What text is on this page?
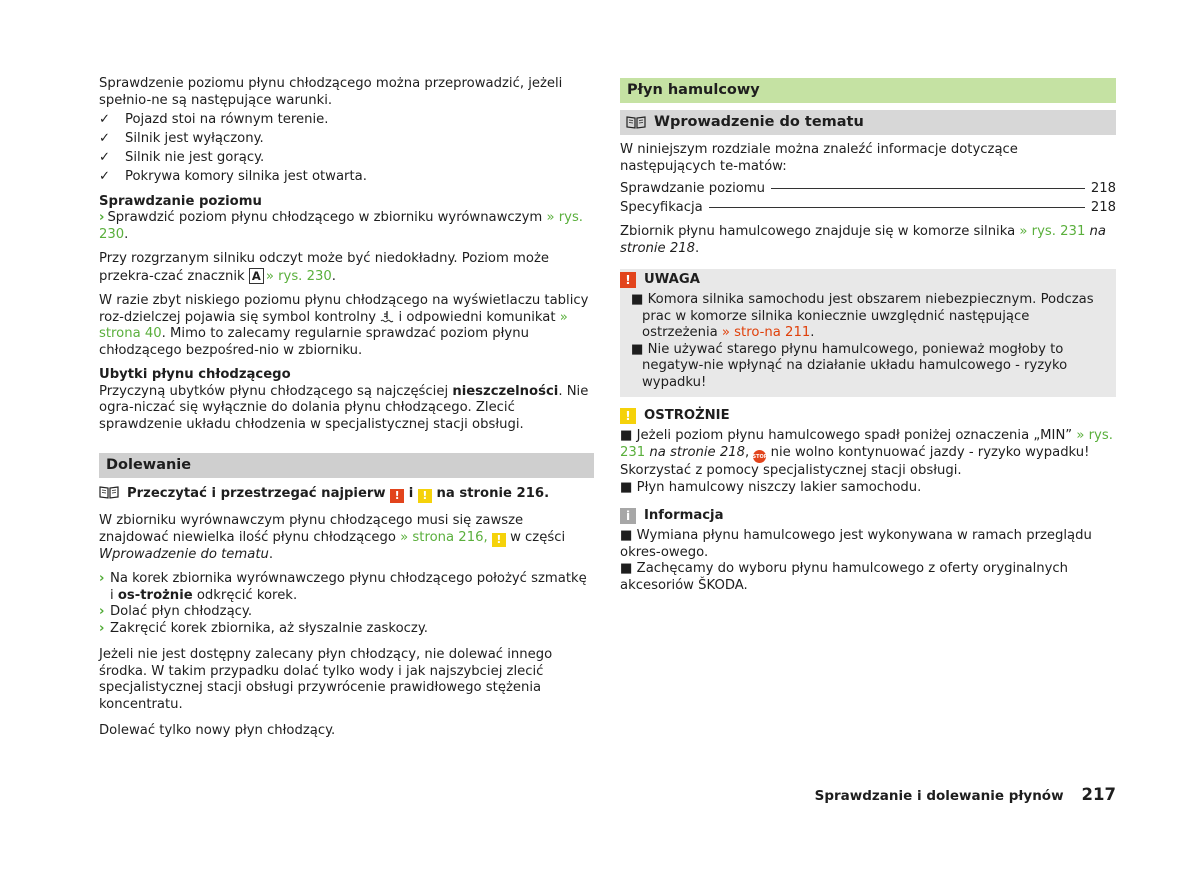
Sprawdzenie poziomu płynu chłodzącego można przeprowadzić, jeżeli spełnio-ne są następujące warunki.

✓	Pojazd stoi na równym terenie.
✓	Silnik jest wyłączony.
✓	Silnik nie jest gorący.
✓	Pokrywa komory silnika jest otwarta.

Sprawdzanie poziomu

› Sprawdzić poziom płynu chłodzącego w zbiorniku wyrównawczym » rys. 230.

Przy rozgrzanym silniku odczyt może być niedokładny. Poziom może przekra-czać znacznik A » rys. 230.

W razie zbyt niskiego poziomu płynu chłodzącego na wyświetlaczu tablicy roz-dzielczej pojawia się symbol kontrolny i odpowiedni komunikat » strona 40. Mimo to zalecamy regularnie sprawdzać poziom płynu chłodzącego bezpośred-nio w zbiorniku.

Ubytki płynu chłodzącego

Przyczyną ubytków płynu chłodzącego są najczęściej nieszczelności. Nie ogra-niczać się wyłącznie do dolania płynu chłodzącego. Zlecić sprawdzenie układu chłodzenia w specjalistycznej stacji obsługi.

Dolewanie

Przeczytać i przestrzegać najpierw ! i ! na stronie 216.

W zbiorniku wyrównawczym płynu chłodzącego musi się zawsze znajdować niewielka ilość płynu chłodzącego » strona 216, ! w części Wprowadzenie do tematu.

› Na korek zbiornika wyrównawczego płynu chłodzącego położyć szmatkę i os-trożnie odkręcić korek.
› Dolać płyn chłodzący.
› Zakręcić korek zbiornika, aż słyszalnie zaskoczy.

Jeżeli nie jest dostępny zalecany płyn chłodzący, nie dolewać innego środka. W takim przypadku dolać tylko wody i jak najszybciej zlecić specjalistycznej stacji obsługi przywrócenie prawidłowego stężenia koncentratu.

Dolewać tylko nowy płyn chłodzący.

Płyn hamulcowy
Wprowadzenie do tematu

W niniejszym rozdziale można znaleźć informacje dotyczące następujących te-matów:

Sprawdzanie poziomu	218
Specyfikacja	218

Zbiornik płynu hamulcowego znajduje się w komorze silnika » rys. 231 na stronie 218.

!	UWAGA

■ Komora silnika samochodu jest obszarem niebezpiecznym. Podczas prac w komorze silnika koniecznie uwzględnić następujące ostrzeżenia » stro-na 211.

■ Nie używać starego płynu hamulcowego, ponieważ mogłoby to negatyw-nie wpłynąć na działanie układu hamulcowego - ryzyko wypadku!

!	OSTROŻNIE

■ Jeżeli poziom płynu hamulcowego spadł poniżej oznaczenia „MIN” » rys. 231 na stronie 218, STOP nie wolno kontynuować jazdy - ryzyko wypadku! Skorzystać z pomocy specjalistycznej stacji obsługi.

■ Płyn hamulcowy niszczy lakier samochodu.

i	Informacja

■ Wymiana płynu hamulcowego jest wykonywana w ramach przeglądu okres-owego.

■ Zachęcamy do wyboru płynu hamulcowego z oferty oryginalnych akcesoriów ŠKODA.

Sprawdzanie i dolewanie płynów 217
